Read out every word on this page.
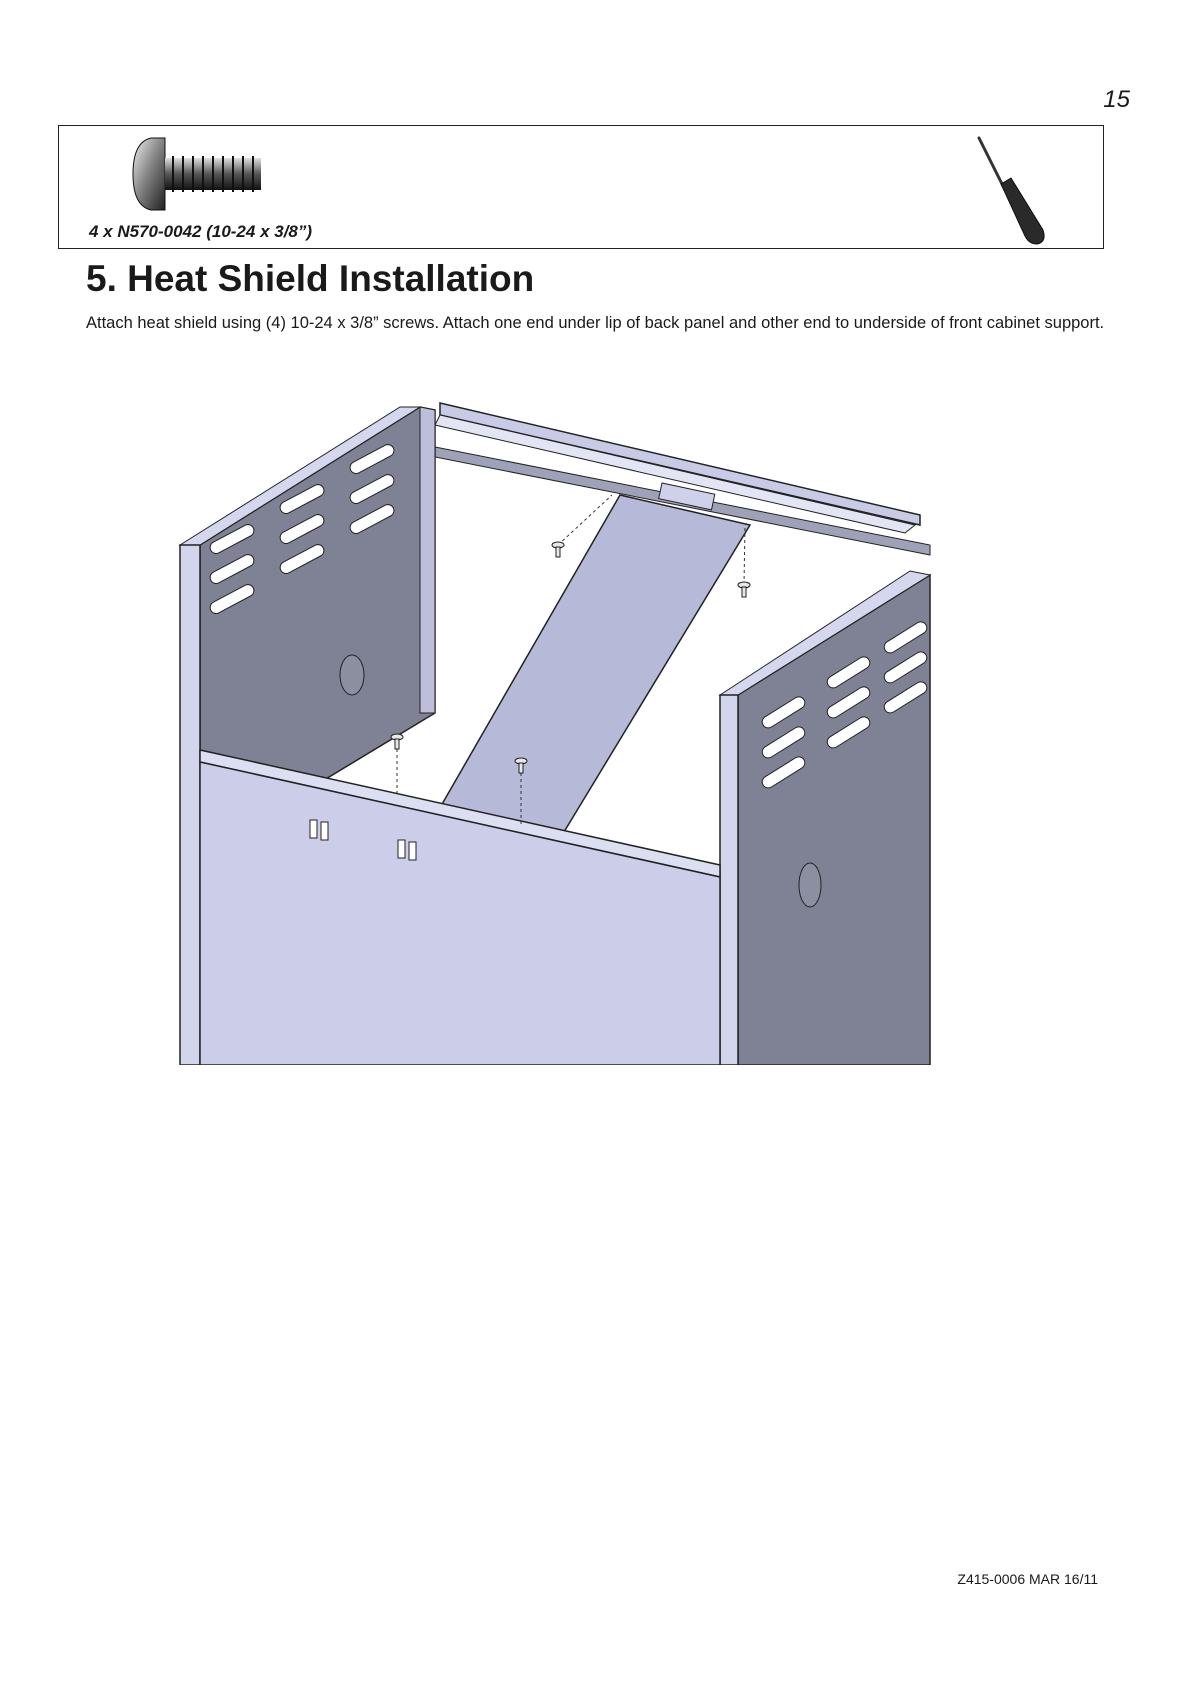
15
4 x N570-0042 (10-24 x 3/8”)
5. Heat Shield Installation

Attach heat shield using (4) 10-24 x 3/8” screws. Attach one end under lip of back panel and other end to underside of front cabinet support.

Z415-0006 MAR 16/11
